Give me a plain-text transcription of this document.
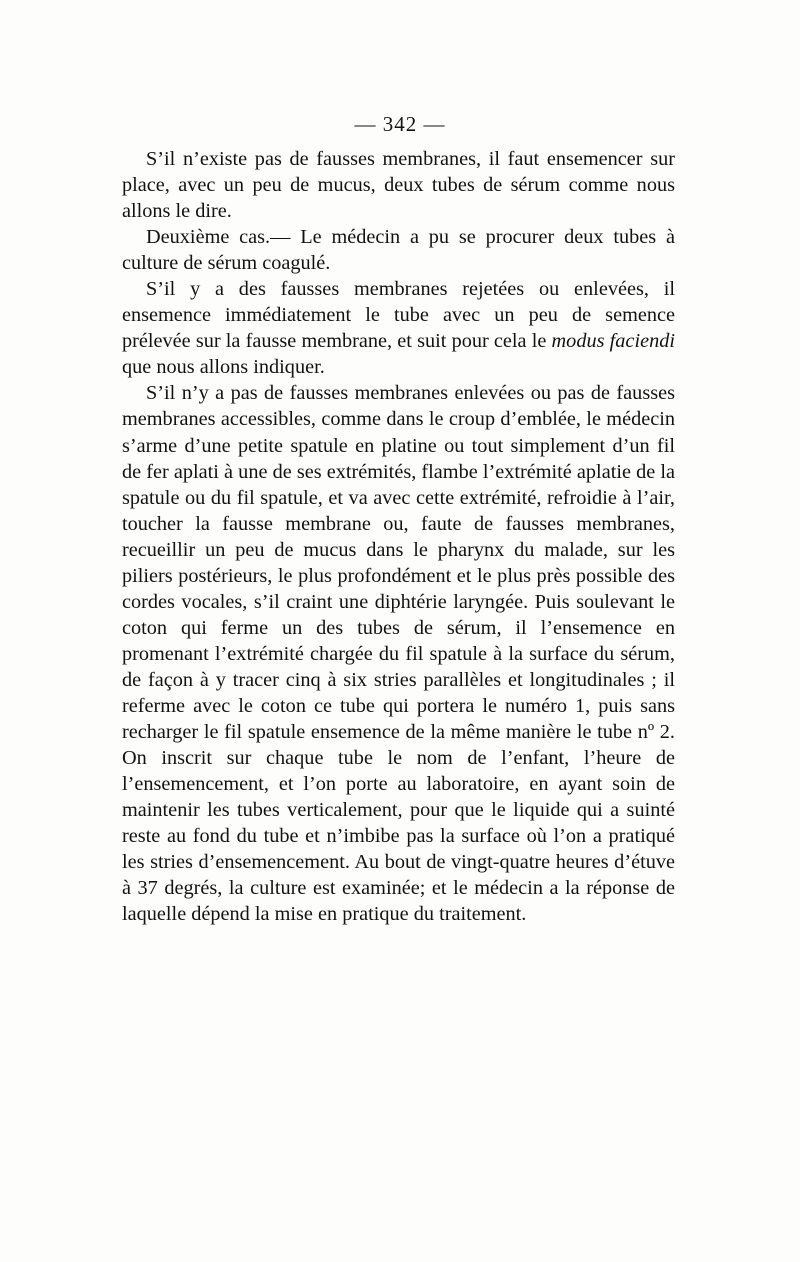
— 342 —

S’il n’existe pas de fausses membranes, il faut ensemencer sur place, avec un peu de mucus, deux tubes de sérum comme nous allons le dire.

Deuxième cas.— Le médecin a pu se procurer deux tubes à culture de sérum coagulé.

S’il y a des fausses membranes rejetées ou enlevées, il ensemence immédiatement le tube avec un peu de semence prélevée sur la fausse membrane, et suit pour cela le modus faciendi que nous allons indiquer.

S’il n’y a pas de fausses membranes enlevées ou pas de fausses membranes accessibles, comme dans le croup d’emblée, le médecin s’arme d’une petite spatule en platine ou tout simplement d’un fil de fer aplati à une de ses extrémités, flambe l’extrémité aplatie de la spatule ou du fil spatule, et va avec cette extrémité, refroidie à l’air, toucher la fausse membrane ou, faute de fausses membranes, recueillir un peu de mucus dans le pharynx du malade, sur les piliers postérieurs, le plus profondément et le plus près possible des cordes vocales, s’il craint une diphtérie laryngée. Puis soulevant le coton qui ferme un des tubes de sérum, il l’ensemence en promenant l’extrémité chargée du fil spatule à la surface du sérum, de façon à y tracer cinq à six stries parallèles et longitudinales ; il referme avec le coton ce tube qui portera le numéro 1, puis sans recharger le fil spatule ensemence de la même manière le tube nº 2. On inscrit sur chaque tube le nom de l’enfant, l’heure de l’ensemencement, et l’on porte au laboratoire, en ayant soin de maintenir les tubes verticalement, pour que le liquide qui a suinté reste au fond du tube et n’imbibe pas la surface où l’on a pratiqué les stries d’ensemencement. Au bout de vingt-quatre heures d’étuve à 37 degrés, la culture est examinée; et le médecin a la réponse de laquelle dépend la mise en pratique du traitement.
